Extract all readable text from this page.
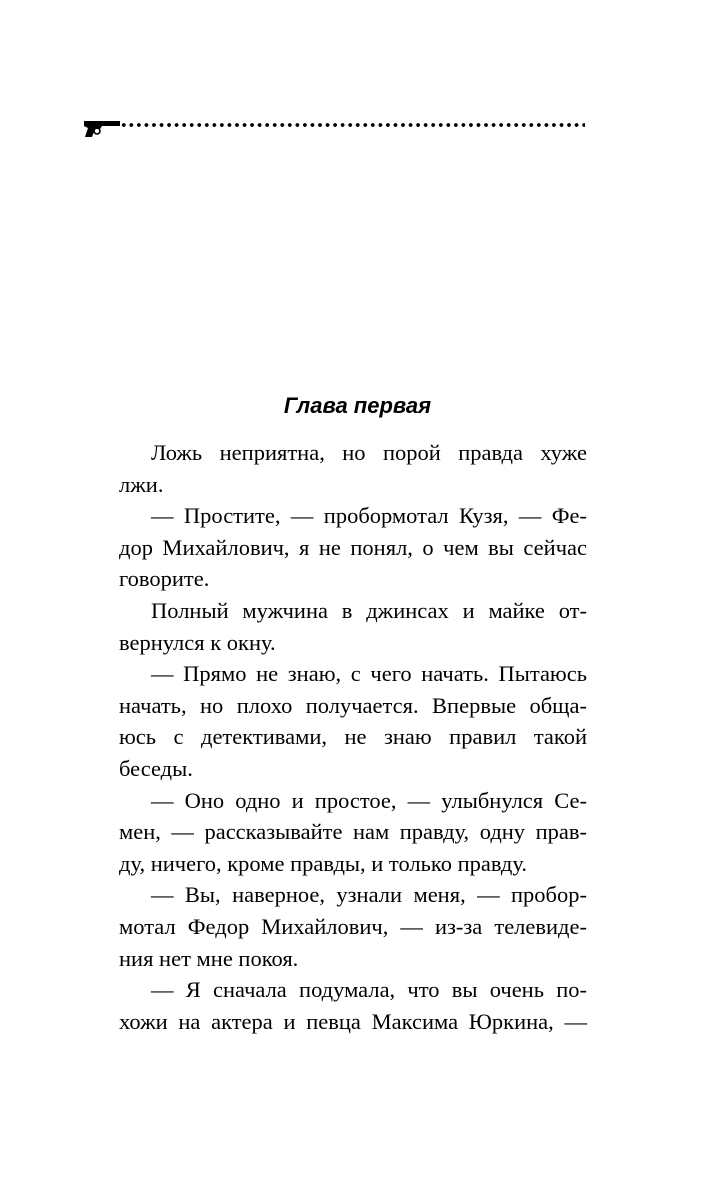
Глава первая

Ложь неприятна, но порой правда хуже
лжи.

— Простите, — пробормотал Кузя, — Фе-
дор Михайлович, я не понял, о чем вы сейчас
говорите.

Полный мужчина в джинсах и майке от-
вернулся к окну.

— Прямо не знаю, с чего начать. Пытаюсь
начать, но плохо получается. Впервые обща-
юсь с детективами, не знаю правил такой
беседы.

— Оно одно и простое, — улыбнулся Се-
мен, — рассказывайте нам правду, одну прав-
ду, ничего, кроме правды, и только правду.

— Вы, наверное, узнали меня, — пробор-
мотал Федор Михайлович, — из-за телевиде-
ния нет мне покоя.

— Я сначала подумала, что вы очень по-
хожи на актера и певца Максима Юркина, —
